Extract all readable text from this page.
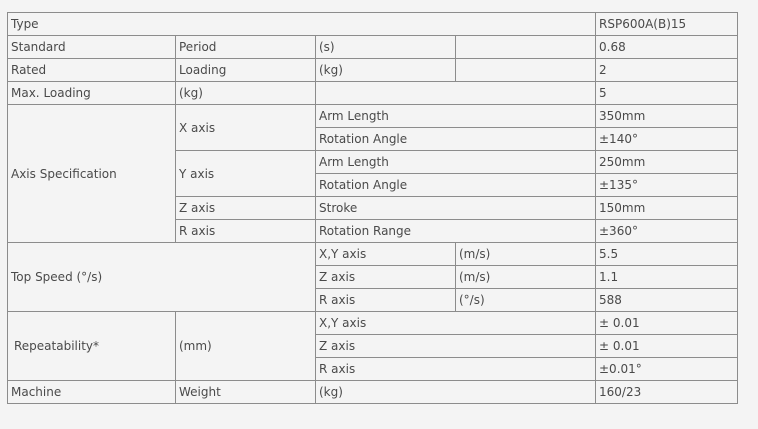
Type				RSP600A(B)15
Standard	Period	(s)		0.68
Rated	Loading	(kg)		2
Max. Loading	(kg)			5
Axis Specification	X axis	Arm Length		350mm
		Rotation Angle		±140°
	Y axis	Arm Length		250mm
		Rotation Angle		±135°
	Z axis	Stroke		150mm
	R axis	Rotation Range		±360°
Top Speed (°/s)		X,Y axis	(m/s)	5.5
		Z axis	(m/s)	1.1
		R axis	(°/s)	588
Repeatability*	(mm)	X,Y axis		± 0.01
		Z axis		± 0.01
		R axis		±0.01°
Machine	Weight	(kg)		160/23
